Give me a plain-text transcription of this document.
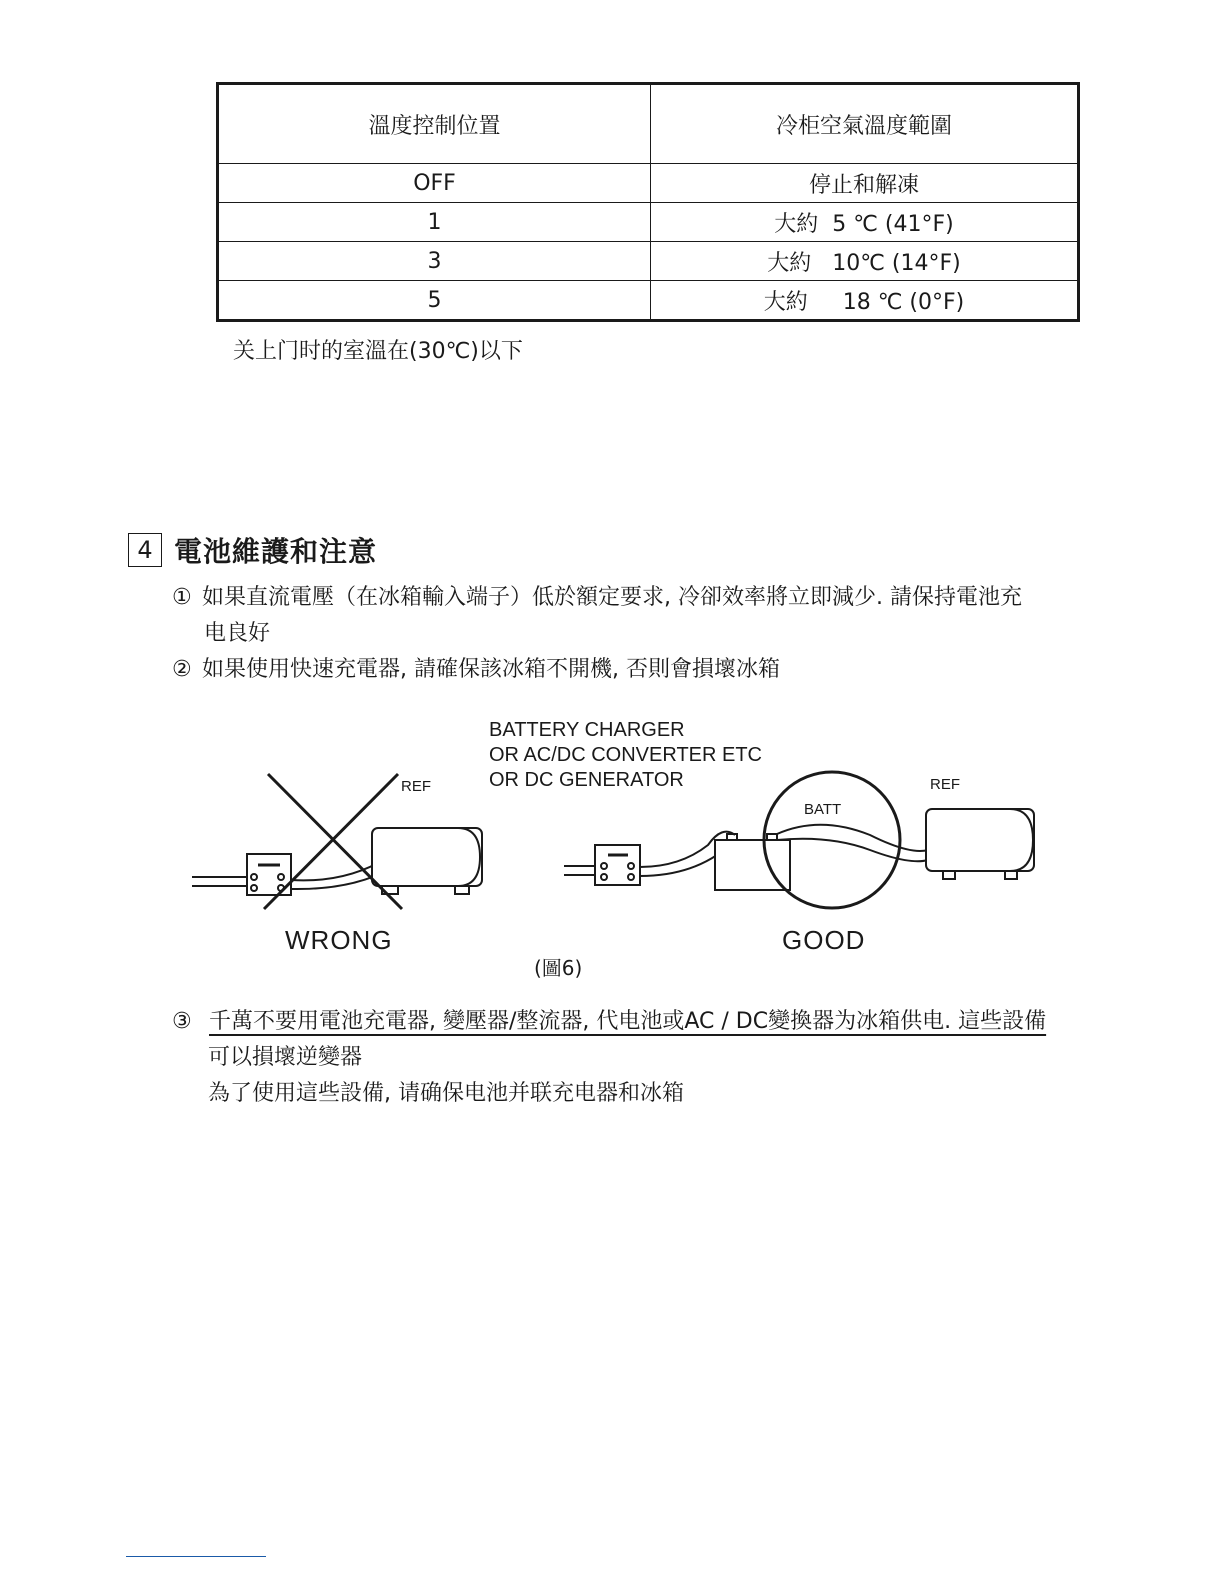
溫度控制位置	冷柜空氣溫度範圍
OFF	停止和解凍
1	大約  5 ℃ (41°F)
3	大約   10℃ (14°F)
5	大約     18 ℃ (0°F)
关上门时的室溫在(30℃)以下
4 電池維護和注意
① 如果直流電壓（在冰箱輸入端子）低於額定要求, 冷卻效率將立即減少. 請保持電池充
电良好
② 如果使用快速充電器, 請確保該冰箱不開機, 否則會損壞冰箱
BATTERY CHARGER
OR AC/DC CONVERTER ETC
OR DC GENERATOR
REF
WRONG
BATT
REF
GOOD
(圖6)
③ 千萬不要用電池充電器, 變壓器/整流器, 代电池或AC / DC變換器为冰箱供电. 這些設備
可以損壞逆變器
為了使用這些設備, 请确保电池并联充电器和冰箱
